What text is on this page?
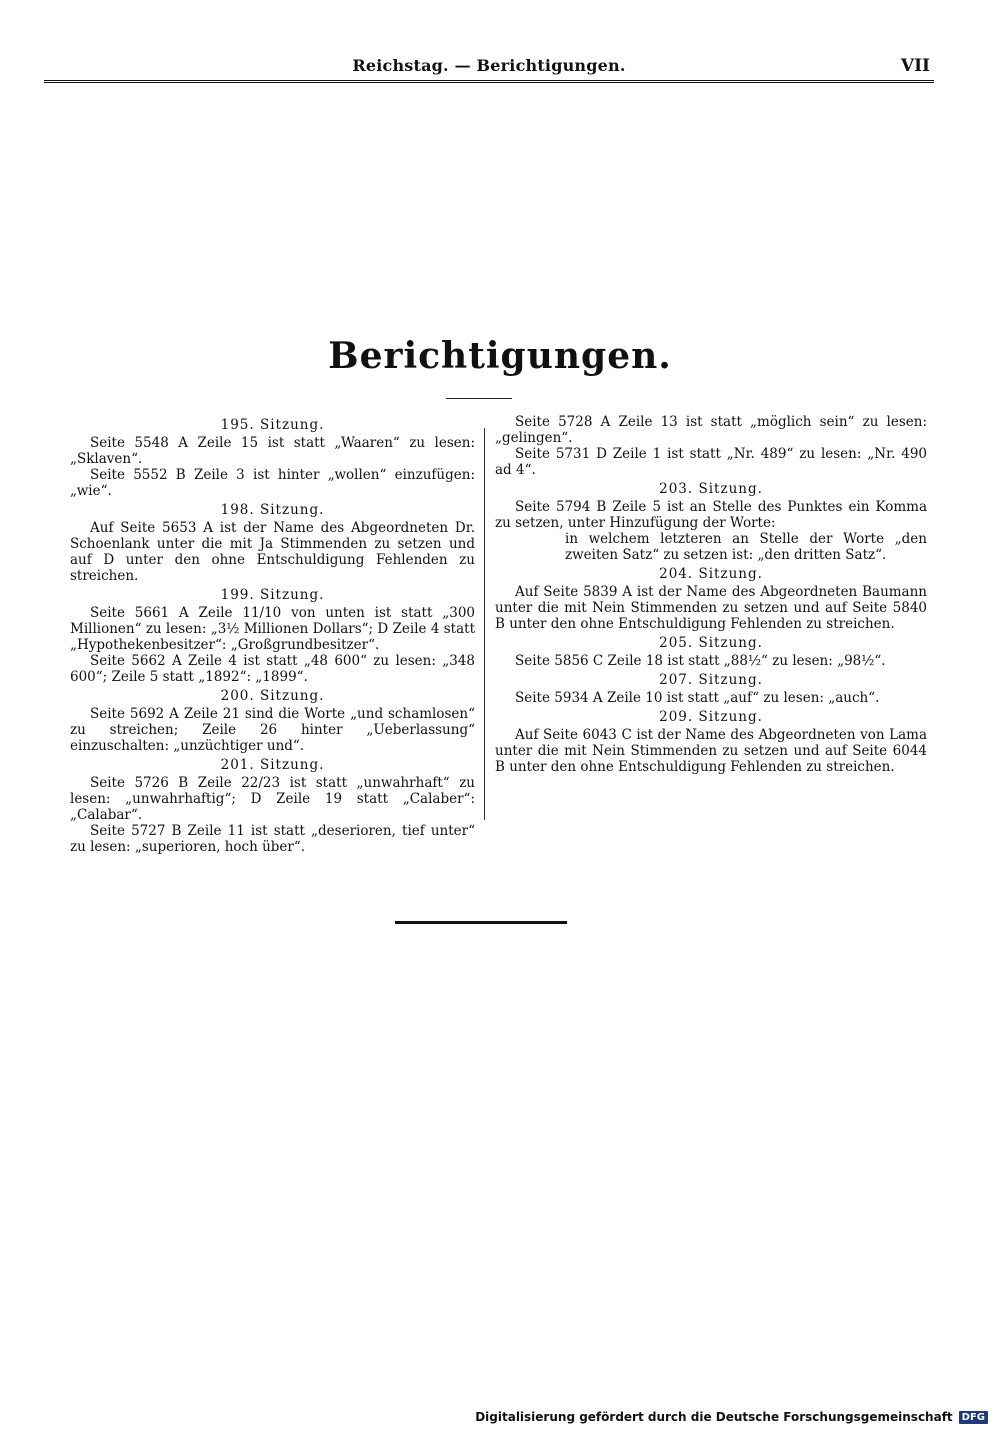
Reichstag. — Berichtigungen.	VII
Berichtigungen.

195. Sitzung.

Seite 5548 A Zeile 15 ist statt „Waaren“ zu lesen: „Sklaven“.

Seite 5552 B Zeile 3 ist hinter „wollen“ einzufügen: „wie“.

198. Sitzung.

Auf Seite 5653 A ist der Name des Abgeordneten Dr. Schoenlank unter die mit Ja Stimmenden zu setzen und auf D unter den ohne Entschuldigung Fehlenden zu streichen.

199. Sitzung.

Seite 5661 A Zeile 11/10 von unten ist statt „300 Millionen“ zu lesen: „3½ Millionen Dollars“; D Zeile 4 statt „Hypothekenbesitzer“: „Großgrundbesitzer“.

Seite 5662 A Zeile 4 ist statt „48 600“ zu lesen: „348 600“; Zeile 5 statt „1892“: „1899“.

200. Sitzung.

Seite 5692 A Zeile 21 sind die Worte „und schamlosen“ zu streichen; Zeile 26 hinter „Ueberlassung“ einzuschalten: „unzüchtiger und“.

201. Sitzung.

Seite 5726 B Zeile 22/23 ist statt „unwahrhaft“ zu lesen: „unwahrhaftig“; D Zeile 19 statt „Calaber“: „Calabar“.

Seite 5727 B Zeile 11 ist statt „deserioren, tief unter“ zu lesen: „superioren, hoch über“.

Seite 5728 A Zeile 13 ist statt „möglich sein“ zu lesen: „gelingen“.

Seite 5731 D Zeile 1 ist statt „Nr. 489“ zu lesen: „Nr. 490 ad 4“.

203. Sitzung.

Seite 5794 B Zeile 5 ist an Stelle des Punktes ein Komma zu setzen, unter Hinzufügung der Worte:

in welchem letzteren an Stelle der Worte „den zweiten Satz“ zu setzen ist: „den dritten Satz“.

204. Sitzung.

Auf Seite 5839 A ist der Name des Abgeordneten Baumann unter die mit Nein Stimmenden zu setzen und auf Seite 5840 B unter den ohne Entschuldigung Fehlenden zu streichen.

205. Sitzung.

Seite 5856 C Zeile 18 ist statt „88½“ zu lesen: „98½“.

207. Sitzung.

Seite 5934 A Zeile 10 ist statt „auf“ zu lesen: „auch“.

209. Sitzung.

Auf Seite 6043 C ist der Name des Abgeordneten von Lama unter die mit Nein Stimmenden zu setzen und auf Seite 6044 B unter den ohne Entschuldigung Fehlenden zu streichen.

Digitalisierung gefördert durch die Deutsche Forschungsgemeinschaft DFG
